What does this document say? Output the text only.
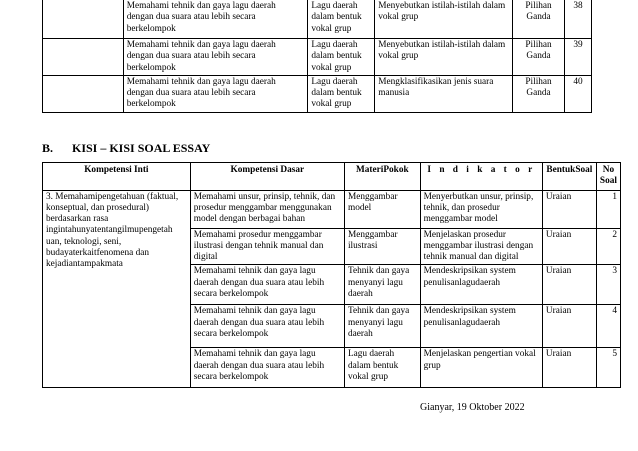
	Memahami tehnik dan gaya lagu daerah dengan dua suara atau lebih secara berkelompok	Lagu daerah dalam bentuk vokal grup	Menyebutkan istilah-istilah dalam vokal grup	Pilihan Ganda	38
	Memahami tehnik dan gaya lagu daerah dengan dua suara atau lebih secara berkelompok	Lagu daerah dalam bentuk vokal grup	Menyebutkan istilah-istilah dalam vokal grup	Pilihan Ganda	39
	Memahami tehnik dan gaya lagu daerah dengan dua suara atau lebih secara berkelompok	Lagu daerah dalam bentuk vokal grup	Mengklasifikasikan jenis suara manusia	Pilihan Ganda	40
B. KISI – KISI SOAL ESSAY
Kompetensi Inti	Kompetensi Dasar	MateriPokok	I n d i k a t o r	BentukSoal	No Soal
3. Memahamipengetahuan (faktual, konseptual, dan prosedural) berdasarkan rasa ingintahunyatentangilmupengetah uan, teknologi, seni, budayaterkaitfenomena dan kejadiantampakmata	Memahami unsur, prinsip, tehnik, dan prosedur menggambar menggunakan model dengan berbagai bahan	Menggambar model	Menyerbutkan unsur, prinsip, tehnik, dan prosedur menggambar model	Uraian	1
	Memahami prosedur menggambar ilustrasi dengan tehnik manual dan digital	Menggambar ilustrasi	Menjelaskan prosedur menggambar ilustrasi dengan tehnik manual dan digital	Uraian	2
	Memahami tehnik dan gaya lagu daerah dengan dua suara atau lebih secara berkelompok	Tehnik dan gaya menyanyi lagu daerah	Mendeskripsikan system penulisanlagudaerah	Uraian	3
	Memahami tehnik dan gaya lagu daerah dengan dua suara atau lebih secara berkelompok	Tehnik dan gaya menyanyi lagu daerah	Mendeskripsikan system penulisanlagudaerah	Uraian	4
	Memahami tehnik dan gaya lagu daerah dengan dua suara atau lebih secara berkelompok	Lagu daerah dalam bentuk vokal grup	Menjelaskan pengertian vokal grup	Uraian	5
Gianyar, 19 Oktober 2022
